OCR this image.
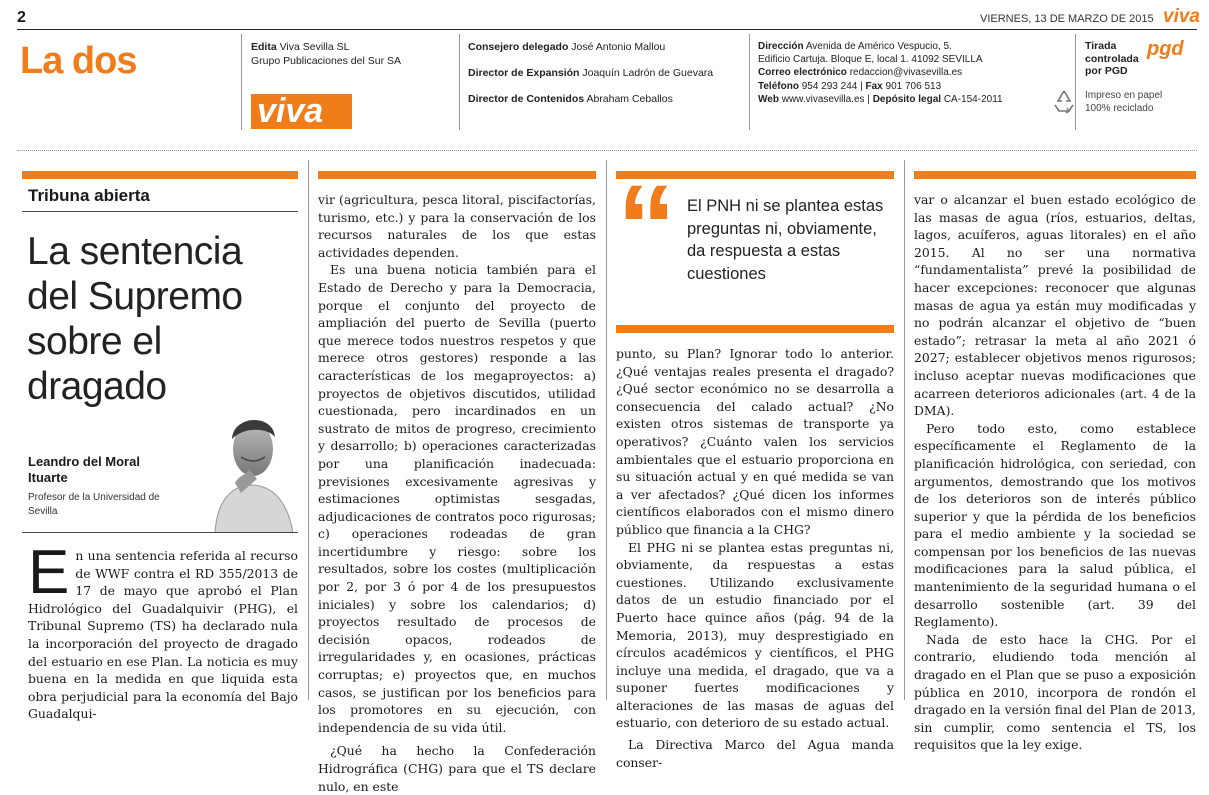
2	VIERNES, 13 DE MARZO DE 2015 viva
La dos	Edita Viva Sevilla SL
Grupo Publicaciones del Sur SA
viva
Consejero delegado José Antonio Mallou
Director de Expansión Joaquín Ladrón de Guevara
Director de Contenidos Abraham Ceballos
Dirección Avenida de Américo Vespucio, 5.
Edificio Cartuja. Bloque E, local 1. 41092 SEVILLA
Correo electrónico redaccion@vivasevilla.es
Teléfono 954 293 244 | Fax 901 706 513
Web www.vivasevilla.es | Depósito legal CA-154-2011
Tirada
controlada
por PGD
pgd
Impreso en papel
100% reciclado
Tribuna abierta
La sentencia
del Supremo
sobre el
dragado
Leandro del Moral
Ituarte
Profesor de la Universidad de
Sevilla

E n una sentencia referida al recurso de WWF contra el RD 355/2013 de 17 de mayo que aprobó el Plan Hidrológico del Guadalquivir (PHG), el Tribunal Supremo (TS) ha declarado nula la incorporación del proyecto de dragado del estuario en ese Plan. La noticia es muy buena en la medida en que liquida esta obra perjudicial para la economía del Bajo Guadalqui-

vir (agricultura, pesca litoral, piscifactorías, turismo, etc.) y para la conservación de los recursos naturales de los que estas actividades dependen.

Es una buena noticia también para el Estado de Derecho y para la Democracia, porque el conjunto del proyecto de ampliación del puerto de Sevilla (puerto que merece todos nuestros respetos y que merece otros gestores) responde a las características de los megaproyectos: a) proyectos de objetivos discutidos, utilidad cuestionada, pero incardinados en un sustrato de mitos de progreso, crecimiento y desarrollo; b) operaciones caracterizadas por una planificación inadecuada: previsiones excesivamente agresivas y estimaciones optimistas sesgadas, adjudicaciones de contratos poco rigurosas; c) operaciones rodeadas de gran incertidumbre y riesgo: sobre los resultados, sobre los costes (multiplicación por 2, por 3 ó por 4 de los presupuestos iniciales) y sobre los calendarios; d) proyectos resultado de procesos de decisión opacos, rodeados de irregularidades y, en ocasiones, prácticas corruptas; e) proyectos que, en muchos casos, se justifican por los beneficios para los promotores en su ejecución, con independencia de su vida útil.

¿Qué ha hecho la Confederación Hidrográfica (CHG) para que el TS declare nulo, en este

“ El PNH ni se plantea estas preguntas ni, obviamente, da respuesta a estas cuestiones

punto, su Plan? Ignorar todo lo anterior. ¿Qué ventajas reales presenta el dragado? ¿Qué sector económico no se desarrolla a consecuencia del calado actual? ¿No existen otros sistemas de transporte ya operativos? ¿Cuánto valen los servicios ambientales que el estuario proporciona en su situación actual y en qué medida se van a ver afectados? ¿Qué dicen los informes científicos elaborados con el mismo dinero público que financia a la CHG?

El PHG ni se plantea estas preguntas ni, obviamente, da respuestas a estas cuestiones. Utilizando exclusivamente datos de un estudio financiado por el Puerto hace quince años (pág. 94 de la Memoria, 2013), muy desprestigiado en círculos académicos y científicos, el PHG incluye una medida, el dragado, que va a suponer fuertes modificaciones y alteraciones de las masas de aguas del estuario, con deterioro de su estado actual.

La Directiva Marco del Agua manda conser-

var o alcanzar el buen estado ecológico de las masas de agua (ríos, estuarios, deltas, lagos, acuíferos, aguas litorales) en el año 2015. Al no ser una normativa “fundamentalista” prevé la posibilidad de hacer excepciones: reconocer que algunas masas de agua ya están muy modificadas y no podrán alcanzar el objetivo de “buen estado”; retrasar la meta al año 2021 ó 2027; establecer objetivos menos rigurosos; incluso aceptar nuevas modificaciones que acarreen deterioros adicionales (art. 4 de la DMA).

Pero todo esto, como establece específicamente el Reglamento de la planificación hidrológica, con seriedad, con argumentos, demostrando que los motivos de los deterioros son de interés público superior y que la pérdida de los beneficios para el medio ambiente y la sociedad se compensan por los beneficios de las nuevas modificaciones para la salud pública, el mantenimiento de la seguridad humana o el desarrollo sostenible (art. 39 del Reglamento).

Nada de esto hace la CHG. Por el contrario, eludiendo toda mención al dragado en el Plan que se puso a exposición pública en 2010, incorpora de rondón el dragado en la versión final del Plan de 2013, sin cumplir, como sentencia el TS, los requisitos que la ley exige.
